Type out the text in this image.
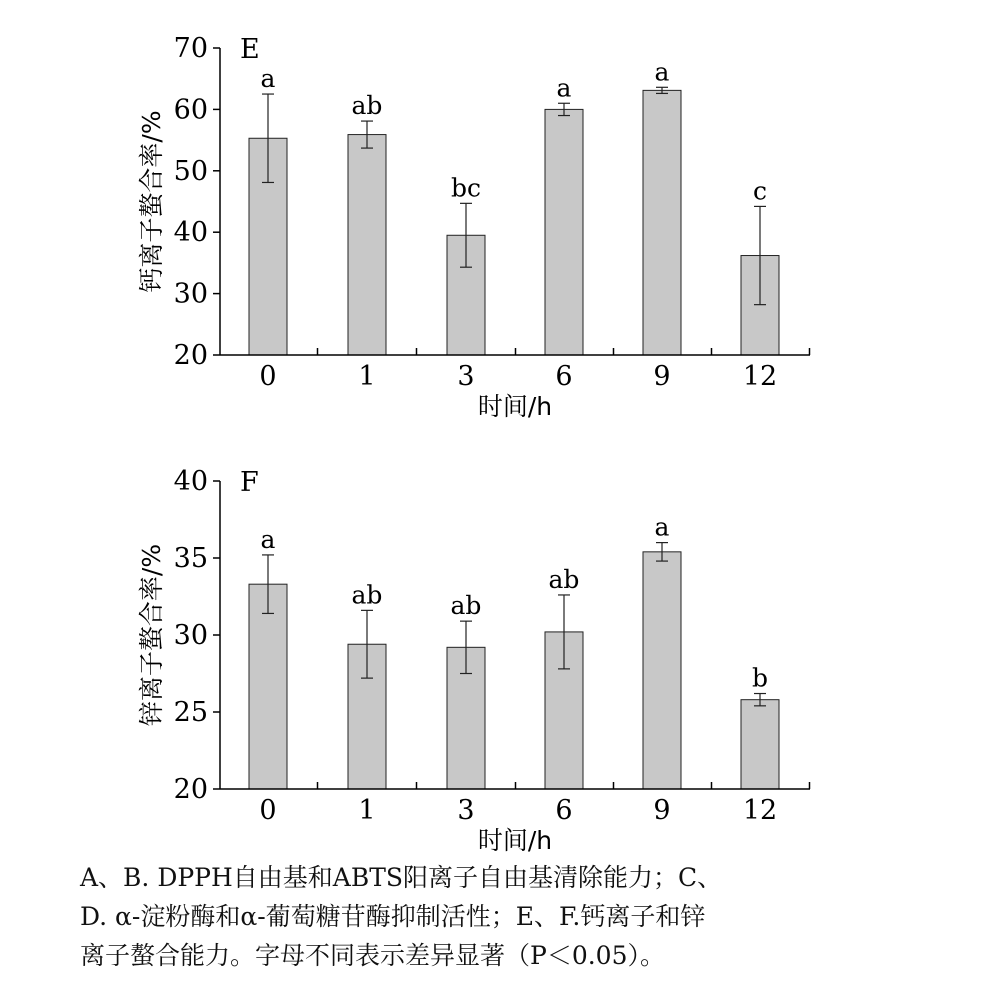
a
ab
bc
a
a
c
20
30
40
50
60
70
0	1	3	6	9	12
时间/h
钙离子螯合率/%
E
a
ab	ab
ab
a
b
20
25
30
35
40
0	1	3	6	9	12
时间/h
锌离子螯合率/%
F
A、B. DPPH自由基和ABTS阳离子自由基清除能力；C、
D. α-淀粉酶和α-葡萄糖苷酶抑制活性；E、F.钙离子和锌
离子螯合能力。字母不同表示差异显著（P＜0.05）。
